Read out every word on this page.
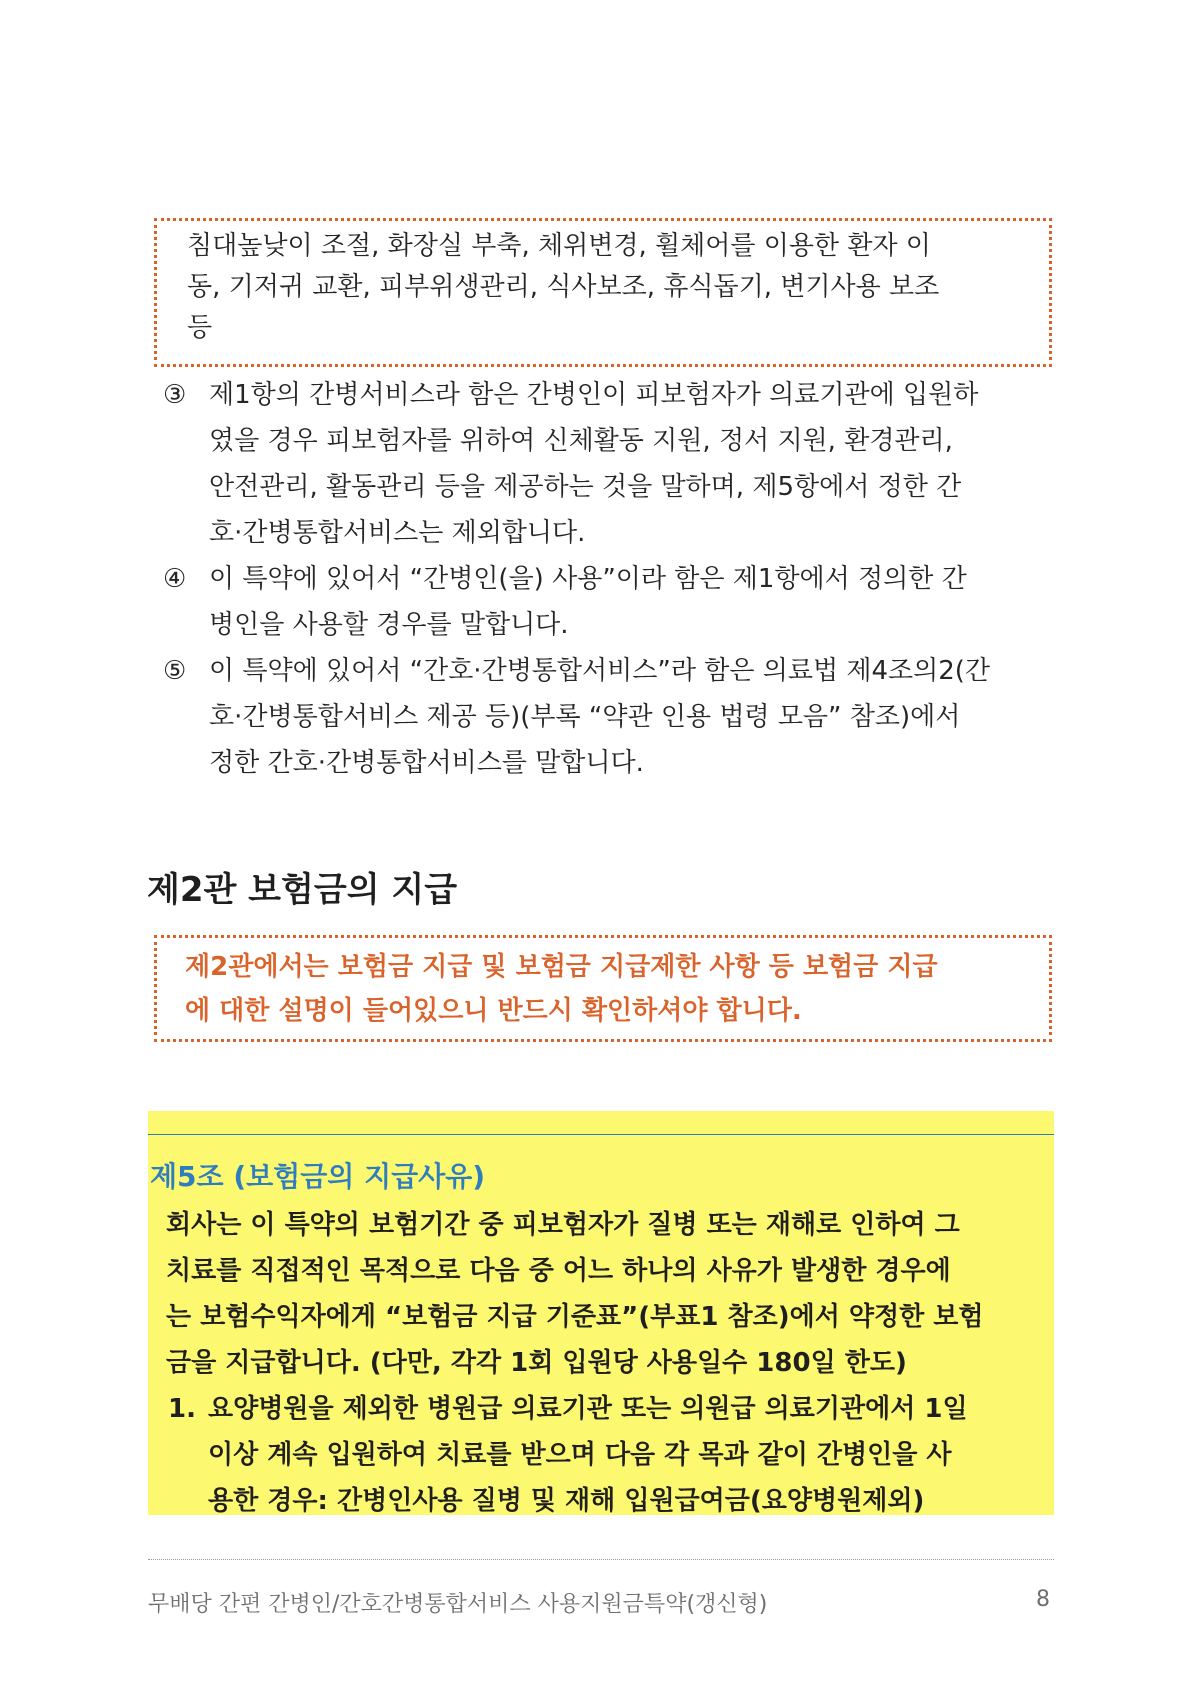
침대높낮이 조절, 화장실 부축, 체위변경, 휠체어를 이용한 환자 이
동, 기저귀 교환, 피부위생관리, 식사보조, 휴식돕기, 변기사용 보조
등
③ 제1항의 간병서비스라 함은 간병인이 피보험자가 의료기관에 입원하
였을 경우 피보험자를 위하여 신체활동 지원, 정서 지원, 환경관리,
안전관리, 활동관리 등을 제공하는 것을 말하며, 제5항에서 정한 간
호·간병통합서비스는 제외합니다.
④ 이 특약에 있어서 “간병인(을) 사용”이라 함은 제1항에서 정의한 간
병인을 사용할 경우를 말합니다.
⑤ 이 특약에 있어서 “간호·간병통합서비스”라 함은 의료법 제4조의2(간
호·간병통합서비스 제공 등)(부록 “약관 인용 법령 모음” 참조)에서
정한 간호·간병통합서비스를 말합니다.
제2관 보험금의 지급
제2관에서는 보험금 지급 및 보험금 지급제한 사항 등 보험금 지급
에 대한 설명이 들어있으니 반드시 확인하셔야 합니다.
제5조 (보험금의 지급사유)
회사는 이 특약의 보험기간 중 피보험자가 질병 또는 재해로 인하여 그
치료를 직접적인 목적으로 다음 중 어느 하나의 사유가 발생한 경우에
는 보험수익자에게 “보험금 지급 기준표”(부표1 참조)에서 약정한 보험
금을 지급합니다. (다만, 각각 1회 입원당 사용일수 180일 한도)
1. 요양병원을 제외한 병원급 의료기관 또는 의원급 의료기관에서 1일
이상 계속 입원하여 치료를 받으며 다음 각 목과 같이 간병인을 사
용한 경우: 간병인사용 질병 및 재해 입원급여금(요양병원제외)
무배당 간편 간병인/간호간병통합서비스 사용지원금특약(갱신형)	8
